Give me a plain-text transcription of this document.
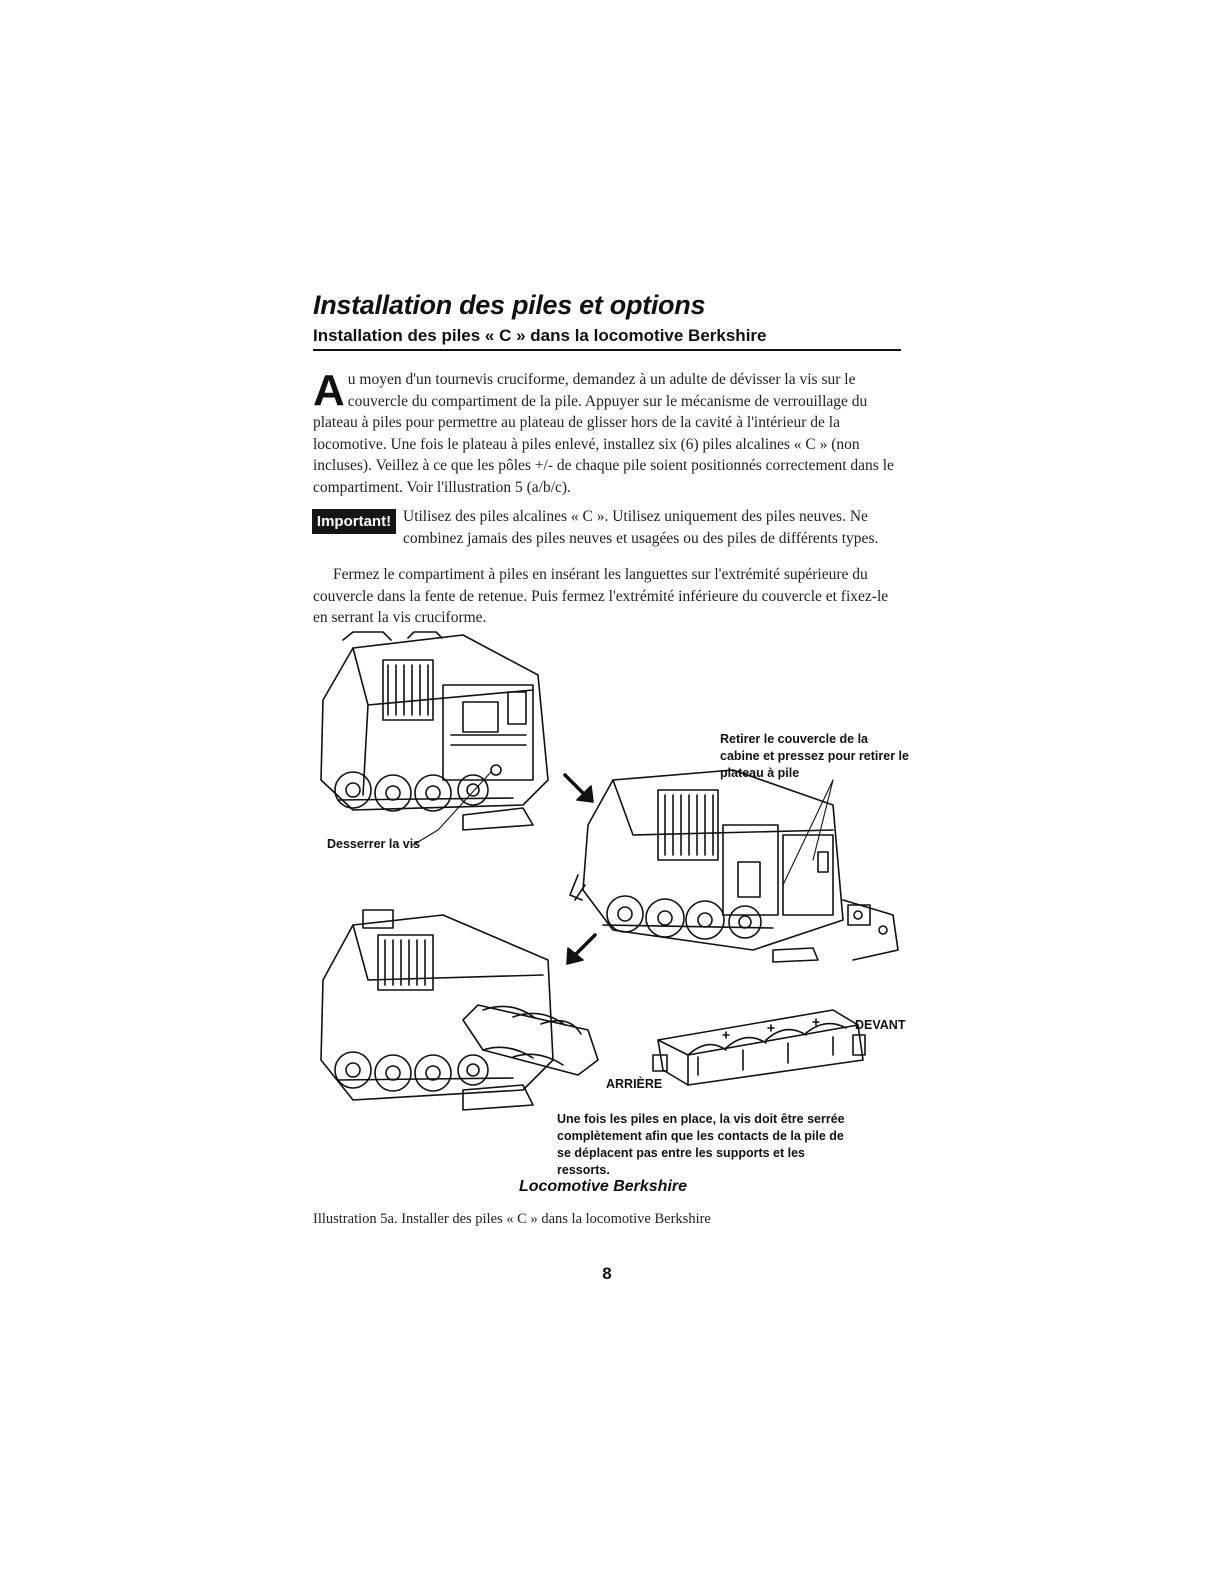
Installation des piles et options
Installation des piles « C » dans la locomotive Berkshire

Au moyen d'un tournevis cruciforme, demandez à un adulte de dévisser la vis sur le couvercle du compartiment de la pile. Appuyer sur le mécanisme de verrouillage du plateau à piles pour permettre au plateau de glisser hors de la cavité à l'intérieur de la locomotive. Une fois le plateau à piles enlevé, installez six (6) piles alcalines « C » (non incluses). Veillez à ce que les pôles +/- de chaque pile soient positionnés correctement dans le compartiment. Voir l'illustration 5 (a/b/c).

Important! Utilisez des piles alcalines « C ». Utilisez uniquement des piles neuves. Ne combinez jamais des piles neuves et usagées ou des piles de différents types.

Fermez le compartiment à piles en insérant les languettes sur l'extrémité supérieure du couvercle dans la fente de retenue. Puis fermez l'extrémité inférieure du couvercle et fixez-le en serrant la vis cruciforme.

Desserrer la vis

Retirer le couvercle de la cabine et pressez pour retirer le plateau à pile

DEVANT

ARRIÈRE

Une fois les piles en place, la vis doit être serrée complètement afin que les contacts de la pile de se déplacent pas entre les supports et les ressorts.

Locomotive Berkshire

Illustration 5a. Installer des piles « C » dans la locomotive Berkshire

8
